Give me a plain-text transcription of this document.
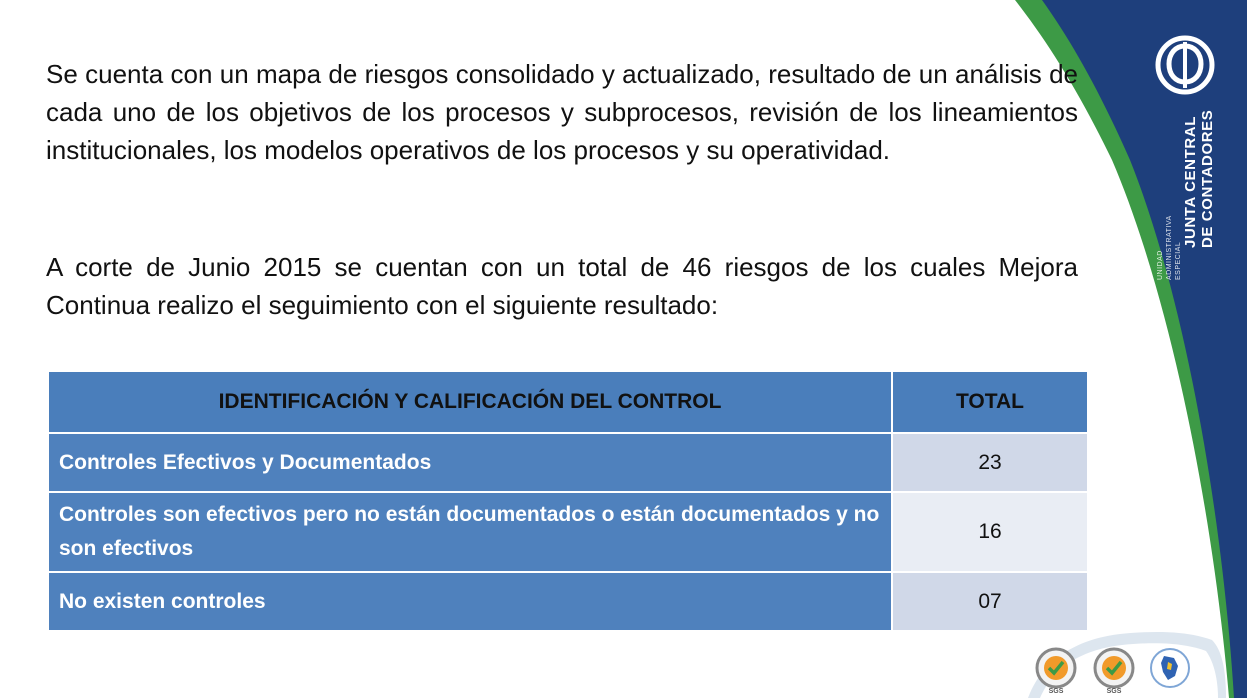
UNIDAD ADMINISTRATIVA ESPECIAL
JUNTA CENTRAL
DE CONTADORES

Se cuenta con un mapa de riesgos consolidado y actualizado, resultado de un análisis de cada uno de los objetivos de los procesos y subprocesos, revisión de los lineamientos institucionales, los modelos operativos de los procesos y su operatividad.

A corte de Junio 2015 se cuentan con un total de 46 riesgos de los cuales Mejora Continua realizo el seguimiento con el siguiente resultado:

IDENTIFICACIÓN Y CALIFICACIÓN DEL CONTROL	TOTAL
Controles Efectivos y Documentados	23
Controles son efectivos pero no están documentados o están documentados y no son efectivos	16
No existen controles	07
SGS	SGS
